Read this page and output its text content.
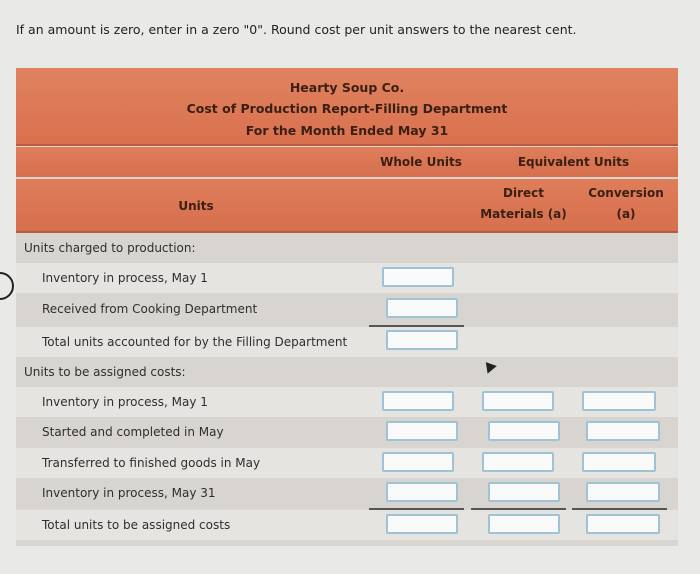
If an amount is zero, enter in a zero "0". Round cost per unit answers to the nearest cent.
Hearty Soup Co.
Cost of Production Report-Filling Department
For the Month Ended May 31
Whole Units	Equivalent Units
Units
Direct
Materials (a)
Conversion
(a)
Units charged to production:
Inventory in process, May 1
Received from Cooking Department
Total units accounted for by the Filling Department
Units to be assigned costs:
Inventory in process, May 1
Started and completed in May
Transferred to finished goods in May
Inventory in process, May 31
Total units to be assigned costs
